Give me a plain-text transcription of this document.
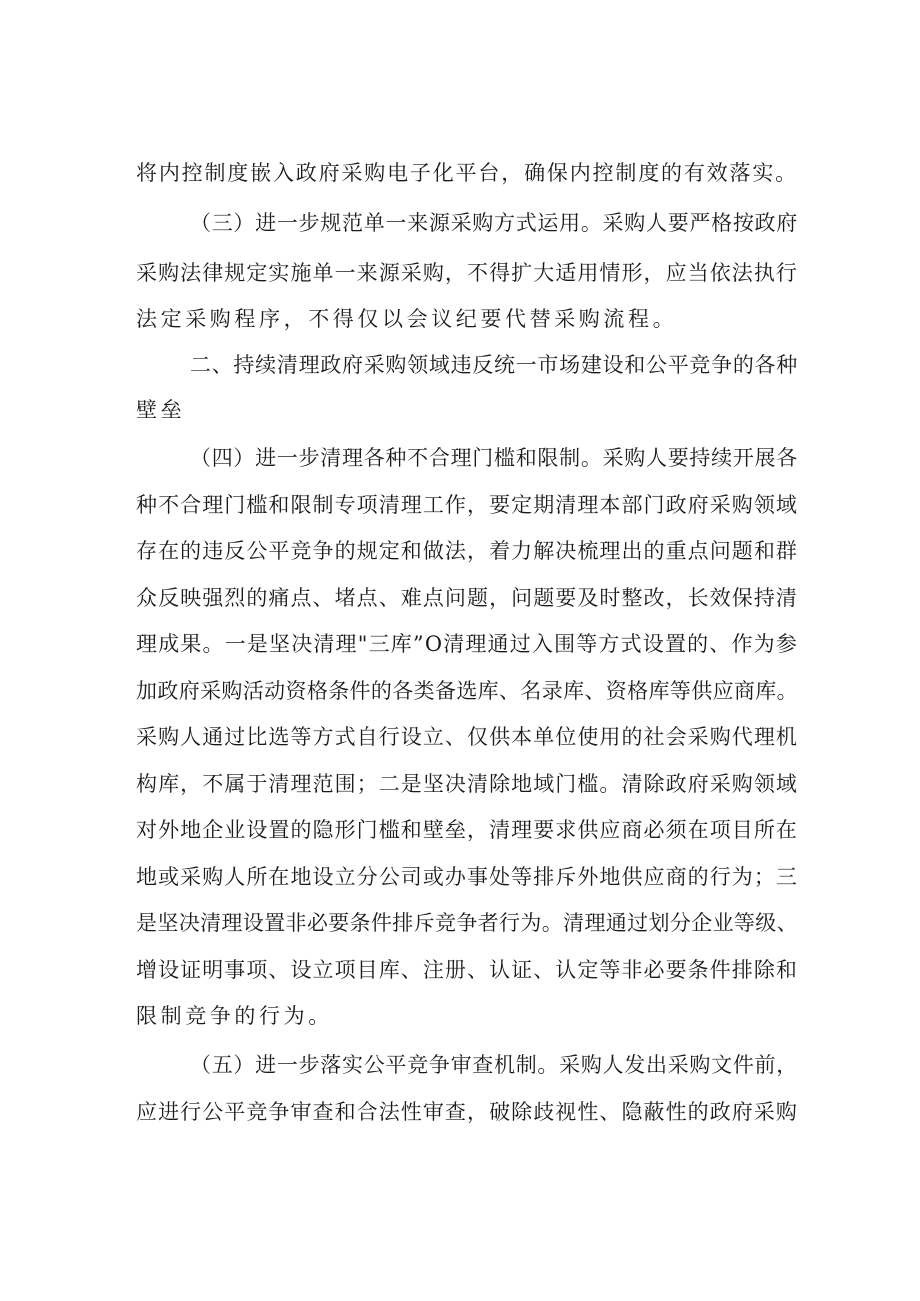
将内控制度嵌入政府采购电子化平台，确保内控制度的有效落实。
（三）进一步规范单一来源采购方式运用。采购人要严格按政府
采购法律规定实施单一来源采购，不得扩大适用情形，应当依法执行
法定采购程序，不得仅以会议纪要代替采购流程。
二、持续清理政府采购领域违反统一市场建设和公平竞争的各种
壁垒
（四）进一步清理各种不合理门槛和限制。采购人要持续开展各
种不合理门槛和限制专项清理工作，要定期清理本部门政府采购领域
存在的违反公平竞争的规定和做法，着力解决梳理出的重点问题和群
众反映强烈的痛点、堵点、难点问题，问题要及时整改，长效保持清
理成果。一是坚决清理"三库”O清理通过入围等方式设置的、作为参
加政府采购活动资格条件的各类备选库、名录库、资格库等供应商库。
采购人通过比选等方式自行设立、仅供本单位使用的社会采购代理机
构库，不属于清理范围；二是坚决清除地域门槛。清除政府采购领域
对外地企业设置的隐形门槛和壁垒，清理要求供应商必须在项目所在
地或采购人所在地设立分公司或办事处等排斥外地供应商的行为；三
是坚决清理设置非必要条件排斥竞争者行为。清理通过划分企业等级、
增设证明事项、设立项目库、注册、认证、认定等非必要条件排除和
限制竞争的行为。
（五）进一步落实公平竞争审查机制。采购人发出采购文件前，
应进行公平竞争审查和合法性审查，破除歧视性、隐蔽性的政府采购
